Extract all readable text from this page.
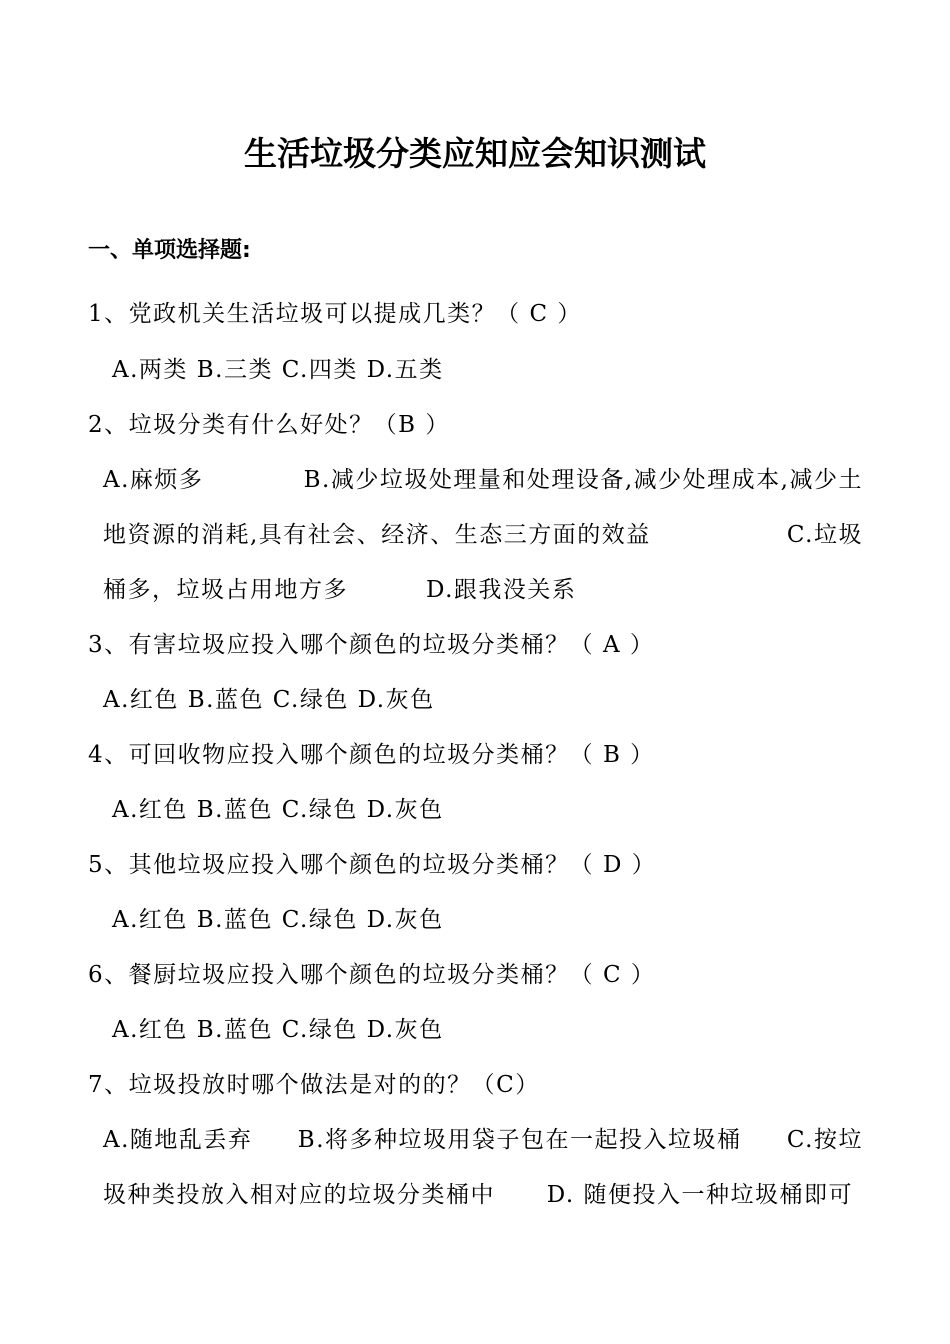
生活垃圾分类应知应会知识测试
一、单项选择题:
1、党政机关生活垃圾可以提成几类？（ C ）
A.两类 B.三类 C.四类 D.五类
2、垃圾分类有什么好处？（B ）
A.麻烦多	B.减少垃圾处理量和处理设备,减少处理成本,减少土
地资源的消耗,具有社会、经济、生态三方面的效益	C.垃圾
桶多，垃圾占用地方多	D.跟我没关系
3、有害垃圾应投入哪个颜色的垃圾分类桶？（ A ）
A.红色 B.蓝色 C.绿色 D.灰色
4、可回收物应投入哪个颜色的垃圾分类桶？（ B ）
A.红色 B.蓝色 C.绿色 D.灰色
5、其他垃圾应投入哪个颜色的垃圾分类桶？（ D ）
A.红色 B.蓝色 C.绿色 D.灰色
6、餐厨垃圾应投入哪个颜色的垃圾分类桶？（ C ）
A.红色 B.蓝色 C.绿色 D.灰色
7、垃圾投放时哪个做法是对的的？（C）
A.随地乱丢弃 B.将多种垃圾用袋子包在一起投入垃圾桶 C.按垃
圾种类投放入相对应的垃圾分类桶中 D. 随便投入一种垃圾桶即可
